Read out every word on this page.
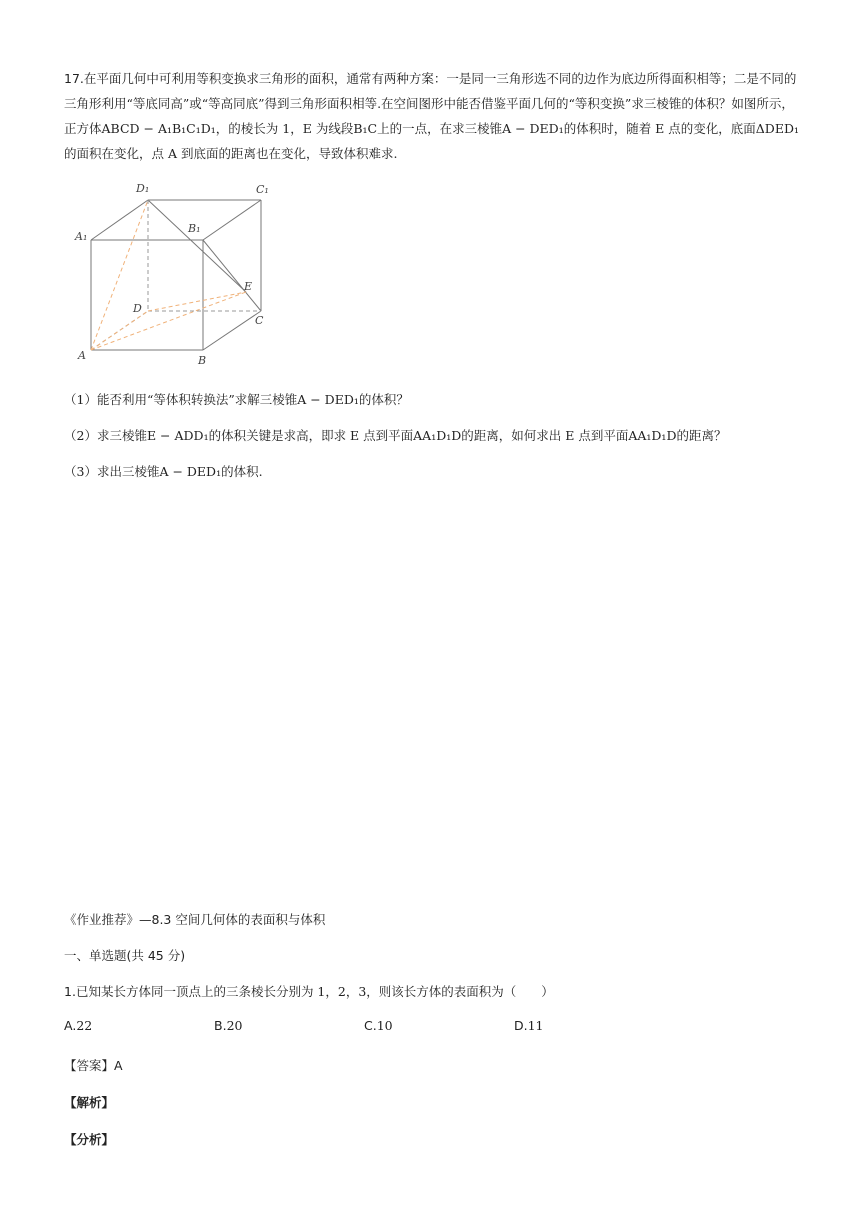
17.在平面几何中可利用等积变换求三角形的面积，通常有两种方案：一是同一三角形选不同的边作为底边所得面积相等；二是不同的三角形利用“等底同高”或“等高同底”得到三角形面积相等.在空间图形中能否借鉴平面几何的“等积变换”求三棱锥的体积？如图所示，正方体ABCD − A₁B₁C₁D₁，的棱长为 1，E 为线段B₁C上的一点，在求三棱锥A − DED₁的体积时，随着 E 点的变化，底面ΔDED₁的面积在变化，点 A 到底面的距离也在变化，导致体积难求.
D₁	C₁
A₁
B₁
D
C
A	B
E
（1）能否利用“等体积转换法”求解三棱锥A − DED₁的体积？
（2）求三棱锥E − ADD₁的体积关键是求高，即求 E 点到平面AA₁D₁D的距离，如何求出 E 点到平面AA₁D₁D的距离？
（3）求出三棱锥A − DED₁的体积.
《作业推荐》—8.3 空间几何体的表面积与体积
一、单选题(共 45 分)
1.已知某长方体同一顶点上的三条棱长分别为 1，2，3，则该长方体的表面积为（　　）
A.22	B.20	C.10	D.11
【答案】A
【解析】
【分析】
